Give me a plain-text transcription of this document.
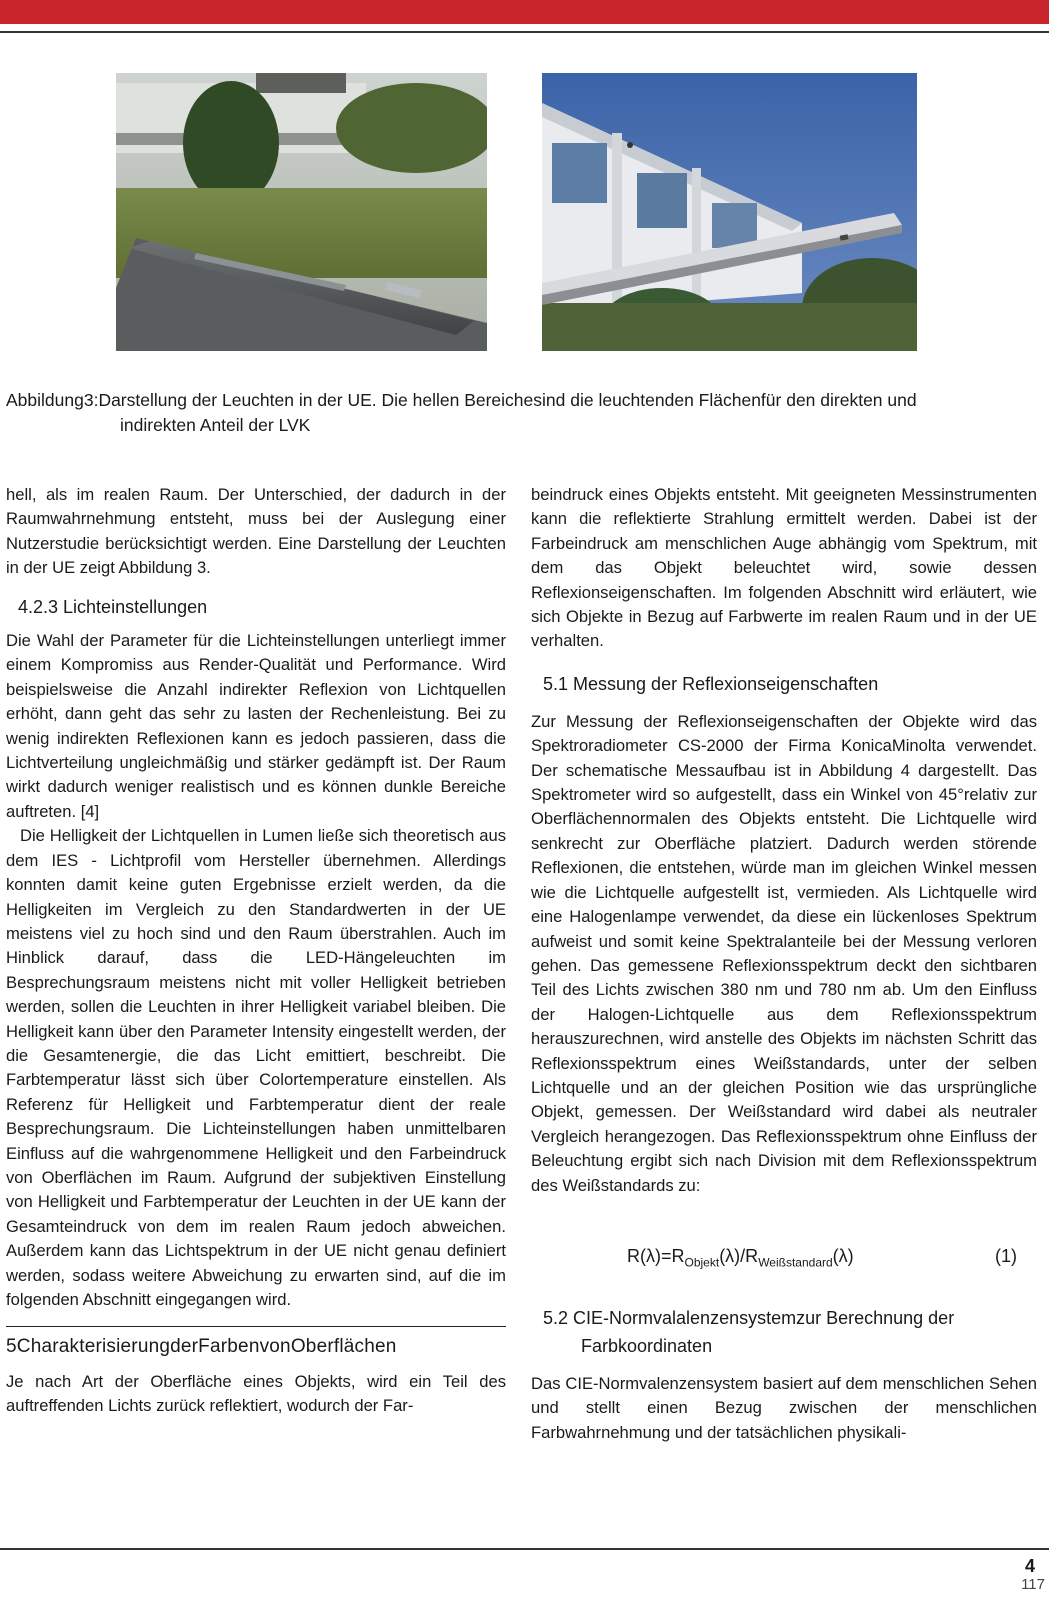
Abbildung3:Darstellung der Leuchten in der UE. Die hellen Bereichesind die leuchtenden Flächenfür den direkten und
indirekten Anteil der LVK

hell, als im realen Raum. Der Unterschied, der dadurch in der Raumwahrnehmung entsteht, muss bei der Auslegung einer Nutzerstudie berücksichtigt werden. Eine Darstellung der Leuchten in der UE zeigt Abbildung 3.

4.2.3 Lichteinstellungen

Die Wahl der Parameter für die Lichteinstellungen unterliegt immer einem Kompromiss aus Render-Qualität und Performance. Wird beispielsweise die Anzahl indirekter Reflexion von Lichtquellen erhöht, dann geht das sehr zu lasten der Rechenleistung. Bei zu wenig indirekten Reflexionen kann es jedoch passieren, dass die Lichtverteilung ungleichmäßig und stärker gedämpft ist. Der Raum wirkt dadurch weniger realistisch und es können dunkle Bereiche auftreten. [4]

Die Helligkeit der Lichtquellen in Lumen ließe sich theoretisch aus dem IES - Lichtprofil vom Hersteller übernehmen. Allerdings konnten damit keine guten Ergebnisse erzielt werden, da die Helligkeiten im Vergleich zu den Standardwerten in der UE meistens viel zu hoch sind und den Raum überstrahlen. Auch im Hinblick darauf, dass die LED-Hängeleuchten im Besprechungsraum meistens nicht mit voller Helligkeit betrieben werden, sollen die Leuchten in ihrer Helligkeit variabel bleiben. Die Helligkeit kann über den Parameter Intensity eingestellt werden, der die Gesamtenergie, die das Licht emittiert, beschreibt. Die Farbtemperatur lässt sich über Colortemperature einstellen. Als Referenz für Helligkeit und Farbtemperatur dient der reale Besprechungsraum. Die Lichteinstellungen haben unmittelbaren Einfluss auf die wahrgenommene Helligkeit und den Farbeindruck von Oberflächen im Raum. Aufgrund der subjektiven Einstellung von Helligkeit und Farbtemperatur der Leuchten in der UE kann der Gesamteindruck von dem im realen Raum jedoch abweichen. Außerdem kann das Lichtspektrum in der UE nicht genau definiert werden, sodass weitere Abweichung zu erwarten sind, auf die im folgenden Abschnitt eingegangen wird.

5CharakterisierungderFarbenvonOberflächen

Je nach Art der Oberfläche eines Objekts, wird ein Teil des auftreffenden Lichts zurück reflektiert, wodurch der Far-

beindruck eines Objekts entsteht. Mit geeigneten Messinstrumenten kann die reflektierte Strahlung ermittelt werden. Dabei ist der Farbeindruck am menschlichen Auge abhängig vom Spektrum, mit dem das Objekt beleuchtet wird, sowie dessen Reflexionseigenschaften. Im folgenden Abschnitt wird erläutert, wie sich Objekte in Bezug auf Farbwerte im realen Raum und in der UE verhalten.

5.1 Messung der Reflexionseigenschaften

Zur Messung der Reflexionseigenschaften der Objekte wird das Spektroradiometer CS-2000 der Firma KonicaMinolta verwendet. Der schematische Messaufbau ist in Abbildung 4 dargestellt. Das Spektrometer wird so aufgestellt, dass ein Winkel von 45°relativ zur Oberflächennormalen des Objekts entsteht. Die Lichtquelle wird senkrecht zur Oberfläche platziert. Dadurch werden störende Reflexionen, die entstehen, würde man im gleichen Winkel messen wie die Lichtquelle aufgestellt ist, vermieden. Als Lichtquelle wird eine Halogenlampe verwendet, da diese ein lückenloses Spektrum aufweist und somit keine Spektralanteile bei der Messung verloren gehen. Das gemessene Reflexionsspektrum deckt den sichtbaren Teil des Lichts zwischen 380 nm und 780 nm ab. Um den Einfluss der Halogen-Lichtquelle aus dem Reflexionsspektrum herauszurechnen, wird anstelle des Objekts im nächsten Schritt das Reflexionsspektrum eines Weißstandards, unter der selben Lichtquelle und an der gleichen Position wie das ursprüngliche Objekt, gemessen. Der Weißstandard wird dabei als neutraler Vergleich herangezogen. Das Reflexionsspektrum ohne Einfluss der Beleuchtung ergibt sich nach Division mit dem Reflexionsspektrum des Weißstandards zu:

$R(\lambda)=R_{Objekt}(\lambda)/R_{Weißstandard}(\lambda)$	(1)
5.2 CIE-Normvalalenzensystemzur Berechnung der
Farbkoordinaten

Das CIE-Normvalenzensystem basiert auf dem menschlichen Sehen und stellt einen Bezug zwischen der menschlichen Farbwahrnehmung und der tatsächlichen physikali-

4
117
